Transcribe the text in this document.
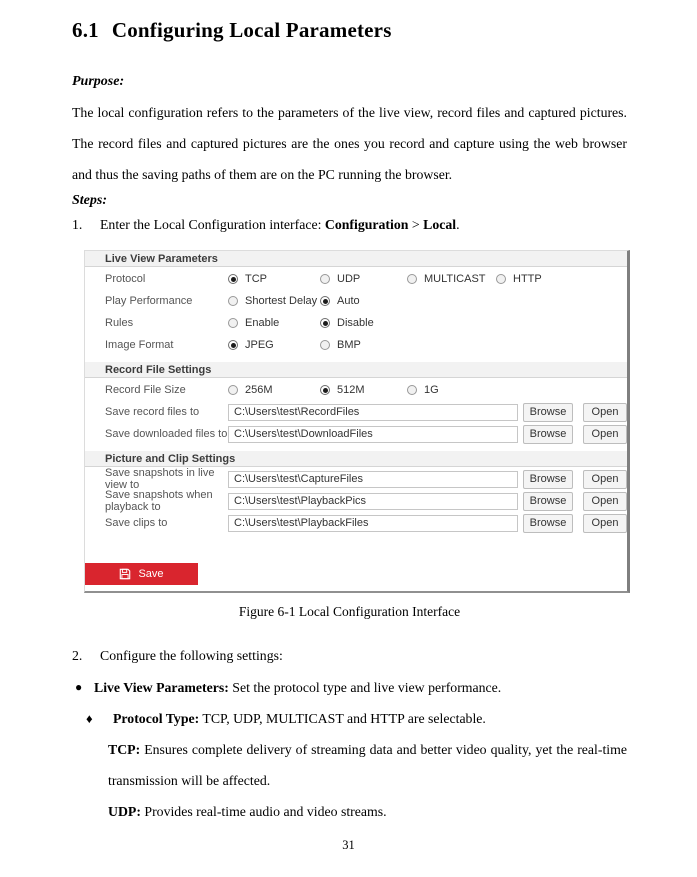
6.1 Configuring Local Parameters

Purpose:

The local configuration refers to the parameters of the live view, record files and captured pictures. The record files and captured pictures are the ones you record and capture using the web browser and thus the saving paths of them are on the PC running the browser.

Steps:

1.	Enter the Local Configuration interface: Configuration > Local.
Live View Parameters
Protocol	TCP	UDP	MULTICAST HTTP
Play Performance	Shortest Delay Auto
Rules	Enable	Disable
Image Format	JPEG	BMP
Record File Settings
Record File Size	256M	512M	1G
Save record files to
C:\Users\test\RecordFiles	Browse	Open
Save downloaded files to
C:\Users\test\DownloadFiles	Browse	Open
Picture and Clip Settings
Save snapshots in live view to
C:\Users\test\CaptureFiles	Browse	Open
Save snapshots when playback to
C:\Users\test\PlaybackPics	Browse	Open
Save clips to
C:\Users\test\PlaybackFiles	Browse	Open
Save

Figure 6-1 Local Configuration Interface

2.	Configure the following settings:
● Live View Parameters: Set the protocol type and live view performance.
♦	Protocol Type: TCP, UDP, MULTICAST and HTTP are selectable.

TCP: Ensures complete delivery of streaming data and better video quality, yet the real-time transmission will be affected.

UDP: Provides real-time audio and video streams.

31
